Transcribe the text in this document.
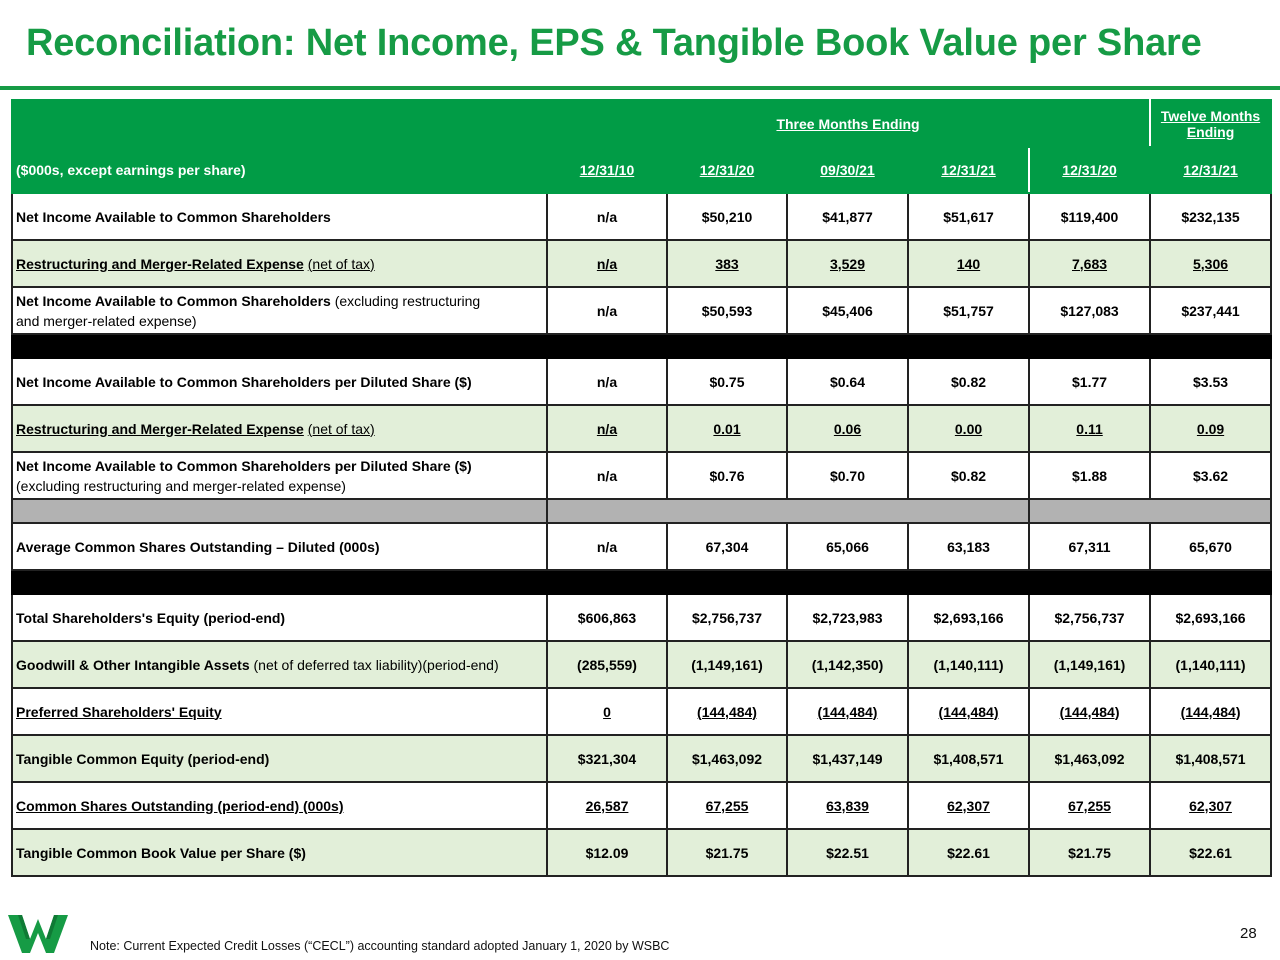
Reconciliation: Net Income, EPS & Tangible Book Value per Share
		Three Months Ending				Twelve Months Ending
($000s, except earnings per share)	12/31/10	12/31/20	09/30/21	12/31/21	12/31/20	12/31/21
Net Income Available to Common Shareholders	n/a	$50,210	$41,877	$51,617	$119,400	$232,135
Restructuring and Merger-Related Expense (net of tax)	n/a	383	3,529	140	7,683	5,306
Net Income Available to Common Shareholders (excluding restructuring
and merger-related expense)	n/a	$50,593	$45,406	$51,757	$127,083	$237,441

Net Income Available to Common Shareholders per Diluted Share ($)	n/a	$0.75	$0.64	$0.82	$1.77	$3.53
Restructuring and Merger-Related Expense (net of tax)	n/a	0.01	0.06	0.00	0.11	0.09
Net Income Available to Common Shareholders per Diluted Share ($)
(excluding restructuring and merger-related expense)	n/a	$0.76	$0.70	$0.82	$1.88	$3.62

Average Common Shares Outstanding – Diluted (000s)	n/a	67,304	65,066	63,183	67,311	65,670

Total Shareholders's Equity (period-end)	$606,863	$2,756,737	$2,723,983	$2,693,166	$2,756,737	$2,693,166
Goodwill & Other Intangible Assets (net of deferred tax liability)(period-end)	(285,559)	(1,149,161)	(1,142,350)	(1,140,111)	(1,149,161)	(1,140,111)
Preferred Shareholders' Equity	0	(144,484)	(144,484)	(144,484)	(144,484)	(144,484)
Tangible Common Equity (period-end)	$321,304	$1,463,092	$1,437,149	$1,408,571	$1,463,092	$1,408,571
Common Shares Outstanding (period-end) (000s)	26,587	67,255	63,839	62,307	67,255	62,307
Tangible Common Book Value per Share ($)	$12.09	$21.75	$22.51	$22.61	$21.75	$22.61
Note: Current Expected Credit Losses (“CECL”) accounting standard adopted January 1, 2020 by WSBC
28
